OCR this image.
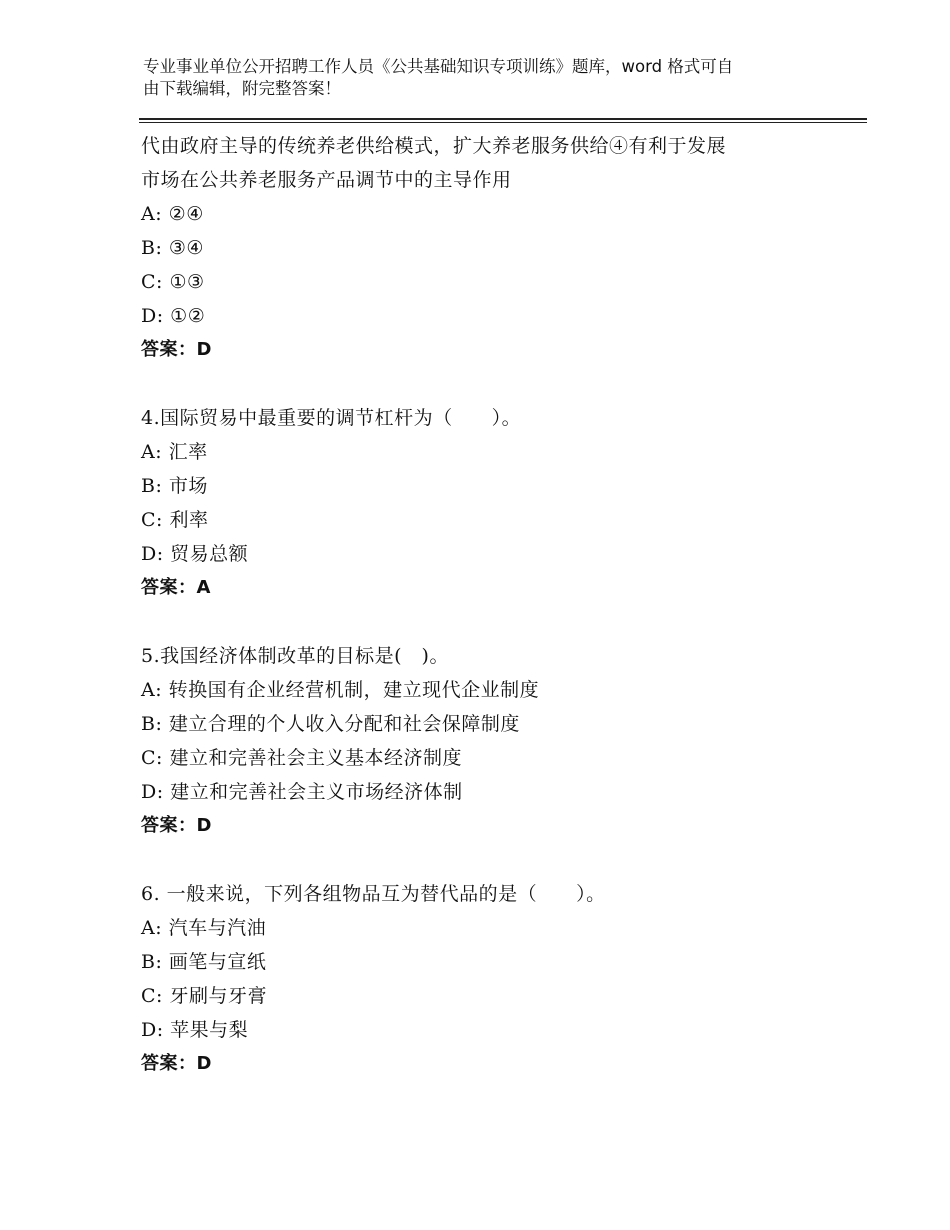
专业事业单位公开招聘工作人员《公共基础知识专项训练》题库，word 格式可自
由下载编辑，附完整答案！
代由政府主导的传统养老供给模式，扩大养老服务供给④有利于发展
市场在公共养老服务产品调节中的主导作用
A: ②④
B: ③④
C: ①③
D: ①②
答案：D
4.国际贸易中最重要的调节杠杆为（　　）。
A: 汇率
B: 市场
C: 利率
D: 贸易总额
答案：A
5.我国经济体制改革的目标是(　)。
A: 转换国有企业经营机制，建立现代企业制度
B: 建立合理的个人收入分配和社会保障制度
C: 建立和完善社会主义基本经济制度
D: 建立和完善社会主义市场经济体制
答案：D
6. 一般来说，下列各组物品互为替代品的是（　　）。
A: 汽车与汽油
B: 画笔与宣纸
C: 牙刷与牙膏
D: 苹果与梨
答案：D
